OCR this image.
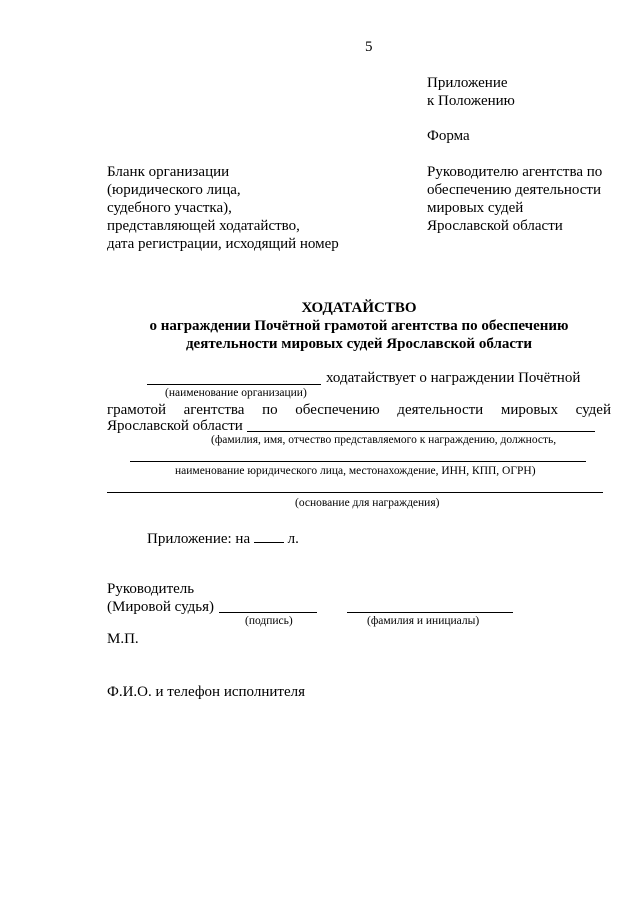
5
Приложение
к Положению
Форма
Бланк организации
(юридического лица,
судебного участка),
представляющей ходатайство,
дата регистрации, исходящий номер
Руководителю агентства по
обеспечению деятельности
мировых судей
Ярославской области
ХОДАТАЙСТВО
о награждении Почётной грамотой агентства по обеспечению
деятельности мировых судей Ярославской области
ходатайствует о награждении Почётной
(наименование организации)
грамотой агентства по обеспечению деятельности мировых судей
Ярославской области
(фамилия, имя, отчество представляемого к награждению, должность,
наименование юридического лица, местонахождение, ИНН, КПП, ОГРН)
(основание для награждения)
Приложение: на	л.
Руководитель
(Мировой судья)
(подпись)	(фамилия и инициалы)
М.П.
Ф.И.О. и телефон исполнителя
